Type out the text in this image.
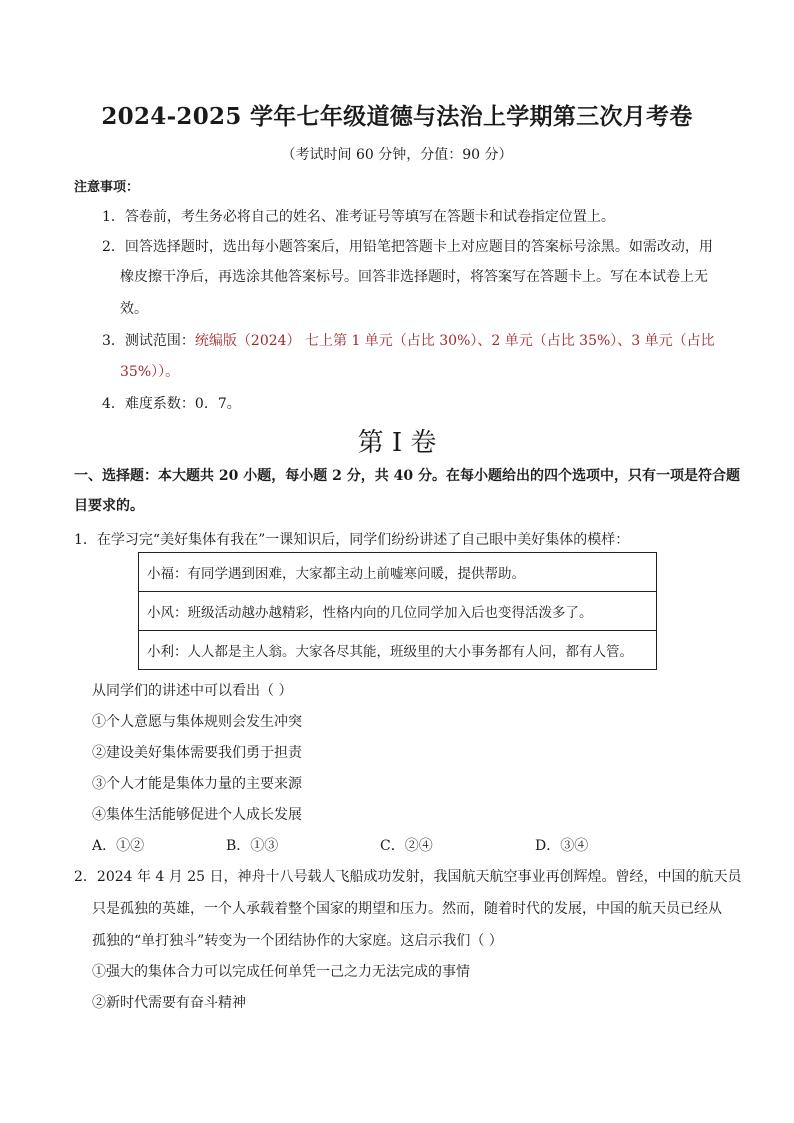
2024-2025 学年七年级道德与法治上学期第三次月考卷
（考试时间 60 分钟，分值：90 分）
注意事项：
1．答卷前，考生务必将自己的姓名、准考证号等填写在答题卡和试卷指定位置上。
2．回答选择题时，选出每小题答案后，用铅笔把答题卡上对应题目的答案标号涂黑。如需改动，用
橡皮擦干净后，再选涂其他答案标号。回答非选择题时，将答案写在答题卡上。写在本试卷上无
效。
3．测试范围：统编版（2024） 七上第 1 单元（占比 30%）、2 单元（占比 35%）、3 单元（占比
35%））。
4．难度系数：0．7。
第 I 卷
一、选择题：本大题共 20 小题，每小题 2 分，共 40 分。在每小题给出的四个选项中，只有一项是符合题
目要求的。
1．在学习完“美好集体有我在”一课知识后，同学们纷纷讲述了自己眼中美好集体的模样：
小福：有同学遇到困难，大家都主动上前嘘寒问暖，提供帮助。
小风：班级活动越办越精彩，性格内向的几位同学加入后也变得活泼多了。
小利：人人都是主人翁。大家各尽其能，班级里的大小事务都有人问，都有人管。
从同学们的讲述中可以看出（ ）
①个人意愿与集体规则会发生冲突
②建设美好集体需要我们勇于担责
③个人才能是集体力量的主要来源
④集体生活能够促进个人成长发展
A．①②	B．①③	C．②④	D．③④
2．2024 年 4 月 25 日，神舟十八号载人飞船成功发射，我国航天航空事业再创辉煌。曾经，中国的航天员
只是孤独的英雄，一个人承载着整个国家的期望和压力。然而，随着时代的发展，中国的航天员已经从
孤独的“单打独斗”转变为一个团结协作的大家庭。这启示我们（ ）
①强大的集体合力可以完成任何单凭一己之力无法完成的事情
②新时代需要有奋斗精神
